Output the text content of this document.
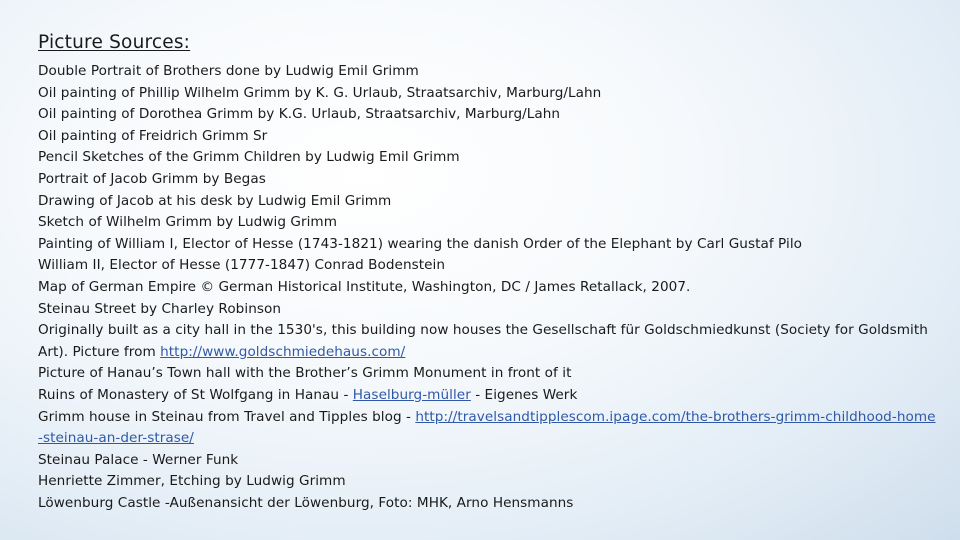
Picture Sources:
Double Portrait of Brothers done by Ludwig Emil Grimm
Oil painting of Phillip Wilhelm Grimm by K. G. Urlaub, Straatsarchiv, Marburg/Lahn
Oil painting of Dorothea Grimm by K.G. Urlaub, Straatsarchiv, Marburg/Lahn
Oil painting of Freidrich Grimm Sr
Pencil Sketches of the Grimm Children by Ludwig Emil Grimm
Portrait of Jacob Grimm by Begas
Drawing of Jacob at his desk by Ludwig Emil Grimm
Sketch of Wilhelm Grimm by Ludwig Grimm
Painting of William I, Elector of Hesse (1743-1821) wearing the danish Order of the Elephant by Carl Gustaf Pilo
William II, Elector of Hesse (1777-1847) Conrad Bodenstein
Map of German Empire © German Historical Institute, Washington, DC / James Retallack, 2007.
Steinau Street by Charley Robinson
Originally built as a city hall in the 1530's, this building now houses the Gesellschaft für Goldschmiedkunst (Society for Goldsmith Art). Picture from http://www.goldschmiedehaus.com/
Picture of Hanau’s Town hall with the Brother’s Grimm Monument in front of it
Ruins of Monastery of St Wolfgang in Hanau - Haselburg-müller - Eigenes Werk
Grimm house in Steinau from Travel and Tipples blog - http://travelsandtipplescom.ipage.com/the-brothers-grimm-childhood-home-steinau-an-der-strase/
Steinau Palace - Werner Funk
Henriette Zimmer, Etching by Ludwig Grimm
Löwenburg Castle -Außenansicht der Löwenburg, Foto: MHK, Arno Hensmanns
